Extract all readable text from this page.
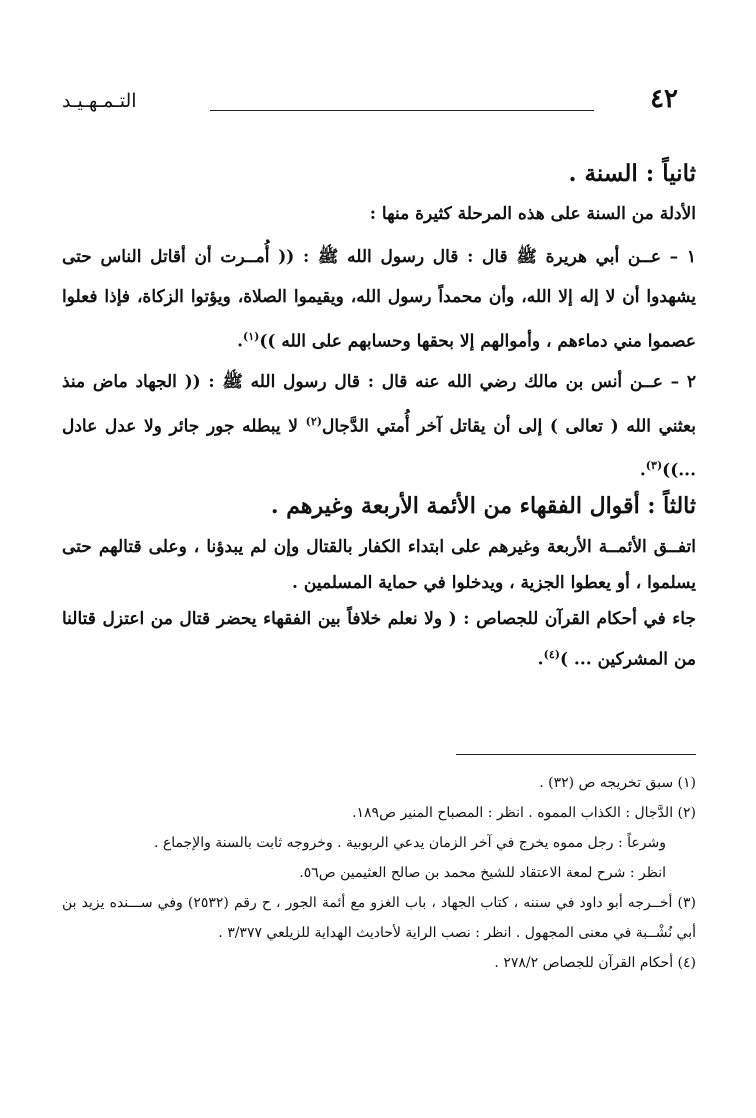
٤٢
التـمـهـيـد
ثانياً : السنة .

الأدلة من السنة على هذه المرحلة كثيرة منها :

١ – عــن أبي هريرة ﷺ قال : قال رسول الله ﷺ : (( أُمــرت أن أقاتل الناس حتى يشهدوا أن لا إله إلا الله، وأن محمداً رسول الله، ويقيموا الصلاة، ويؤتوا الزكاة، فإذا فعلوا عصموا مني دماءهم ، وأموالهم إلا بحقها وحسابهم على الله ))$^{(١)}$.

٢ – عــن أنس بن مالك رضي الله عنه قال : قال رسول الله ﷺ : (( الجهاد ماض منذ بعثني الله ( تعالى ) إلى أن يقاتل آخر أُمتي الدَّجال$^{(٢)}$ لا يبطله جور جائر ولا عدل عادل ...))$^{(٣)}$.

ثالثاً : أقوال الفقهاء من الأئمة الأربعة وغيرهم .

اتفــق الأئمــة الأربعة وغيرهم على ابتداء الكفار بالقتال وإن لم يبدؤنا ، وعلى قتالهم حتى يسلموا ، أو يعطوا الجزية ، ويدخلوا في حماية المسلمين .

جاء في أحكام القرآن للجصاص : ( ولا نعلم خلافاً بين الفقهاء يحضر قتال من اعتزل قتالنا من المشركين ... )$^{(٤)}$.

(١) سبق تخريجه ص (٣٢) .

(٢) الدَّجال : الكذاب المموه . انظر : المصباح المنير ص١٨٩.

وشرعاً : رجل مموه يخرج في آخر الزمان يدعي الربوبية . وخروجه ثابت بالسنة والإجماع .

انظر : شرح لمعة الاعتقاد للشيخ محمد بن صالح العثيمين ص٥٦.

(٣) أخــرجه أبو داود في سننه ، كتاب الجهاد ، باب الغزو مع أئمة الجور ، ح رقم (٢٥٣٢) وفي ســـنده يزيد بن أبي نُشْــبة في معنى المجهول . انظر : نصب الراية لأحاديث الهداية للزيلعي ٣/٣٧٧ .

(٤) أحكام القرآن للجصاص ٢٧٨/٢ .
